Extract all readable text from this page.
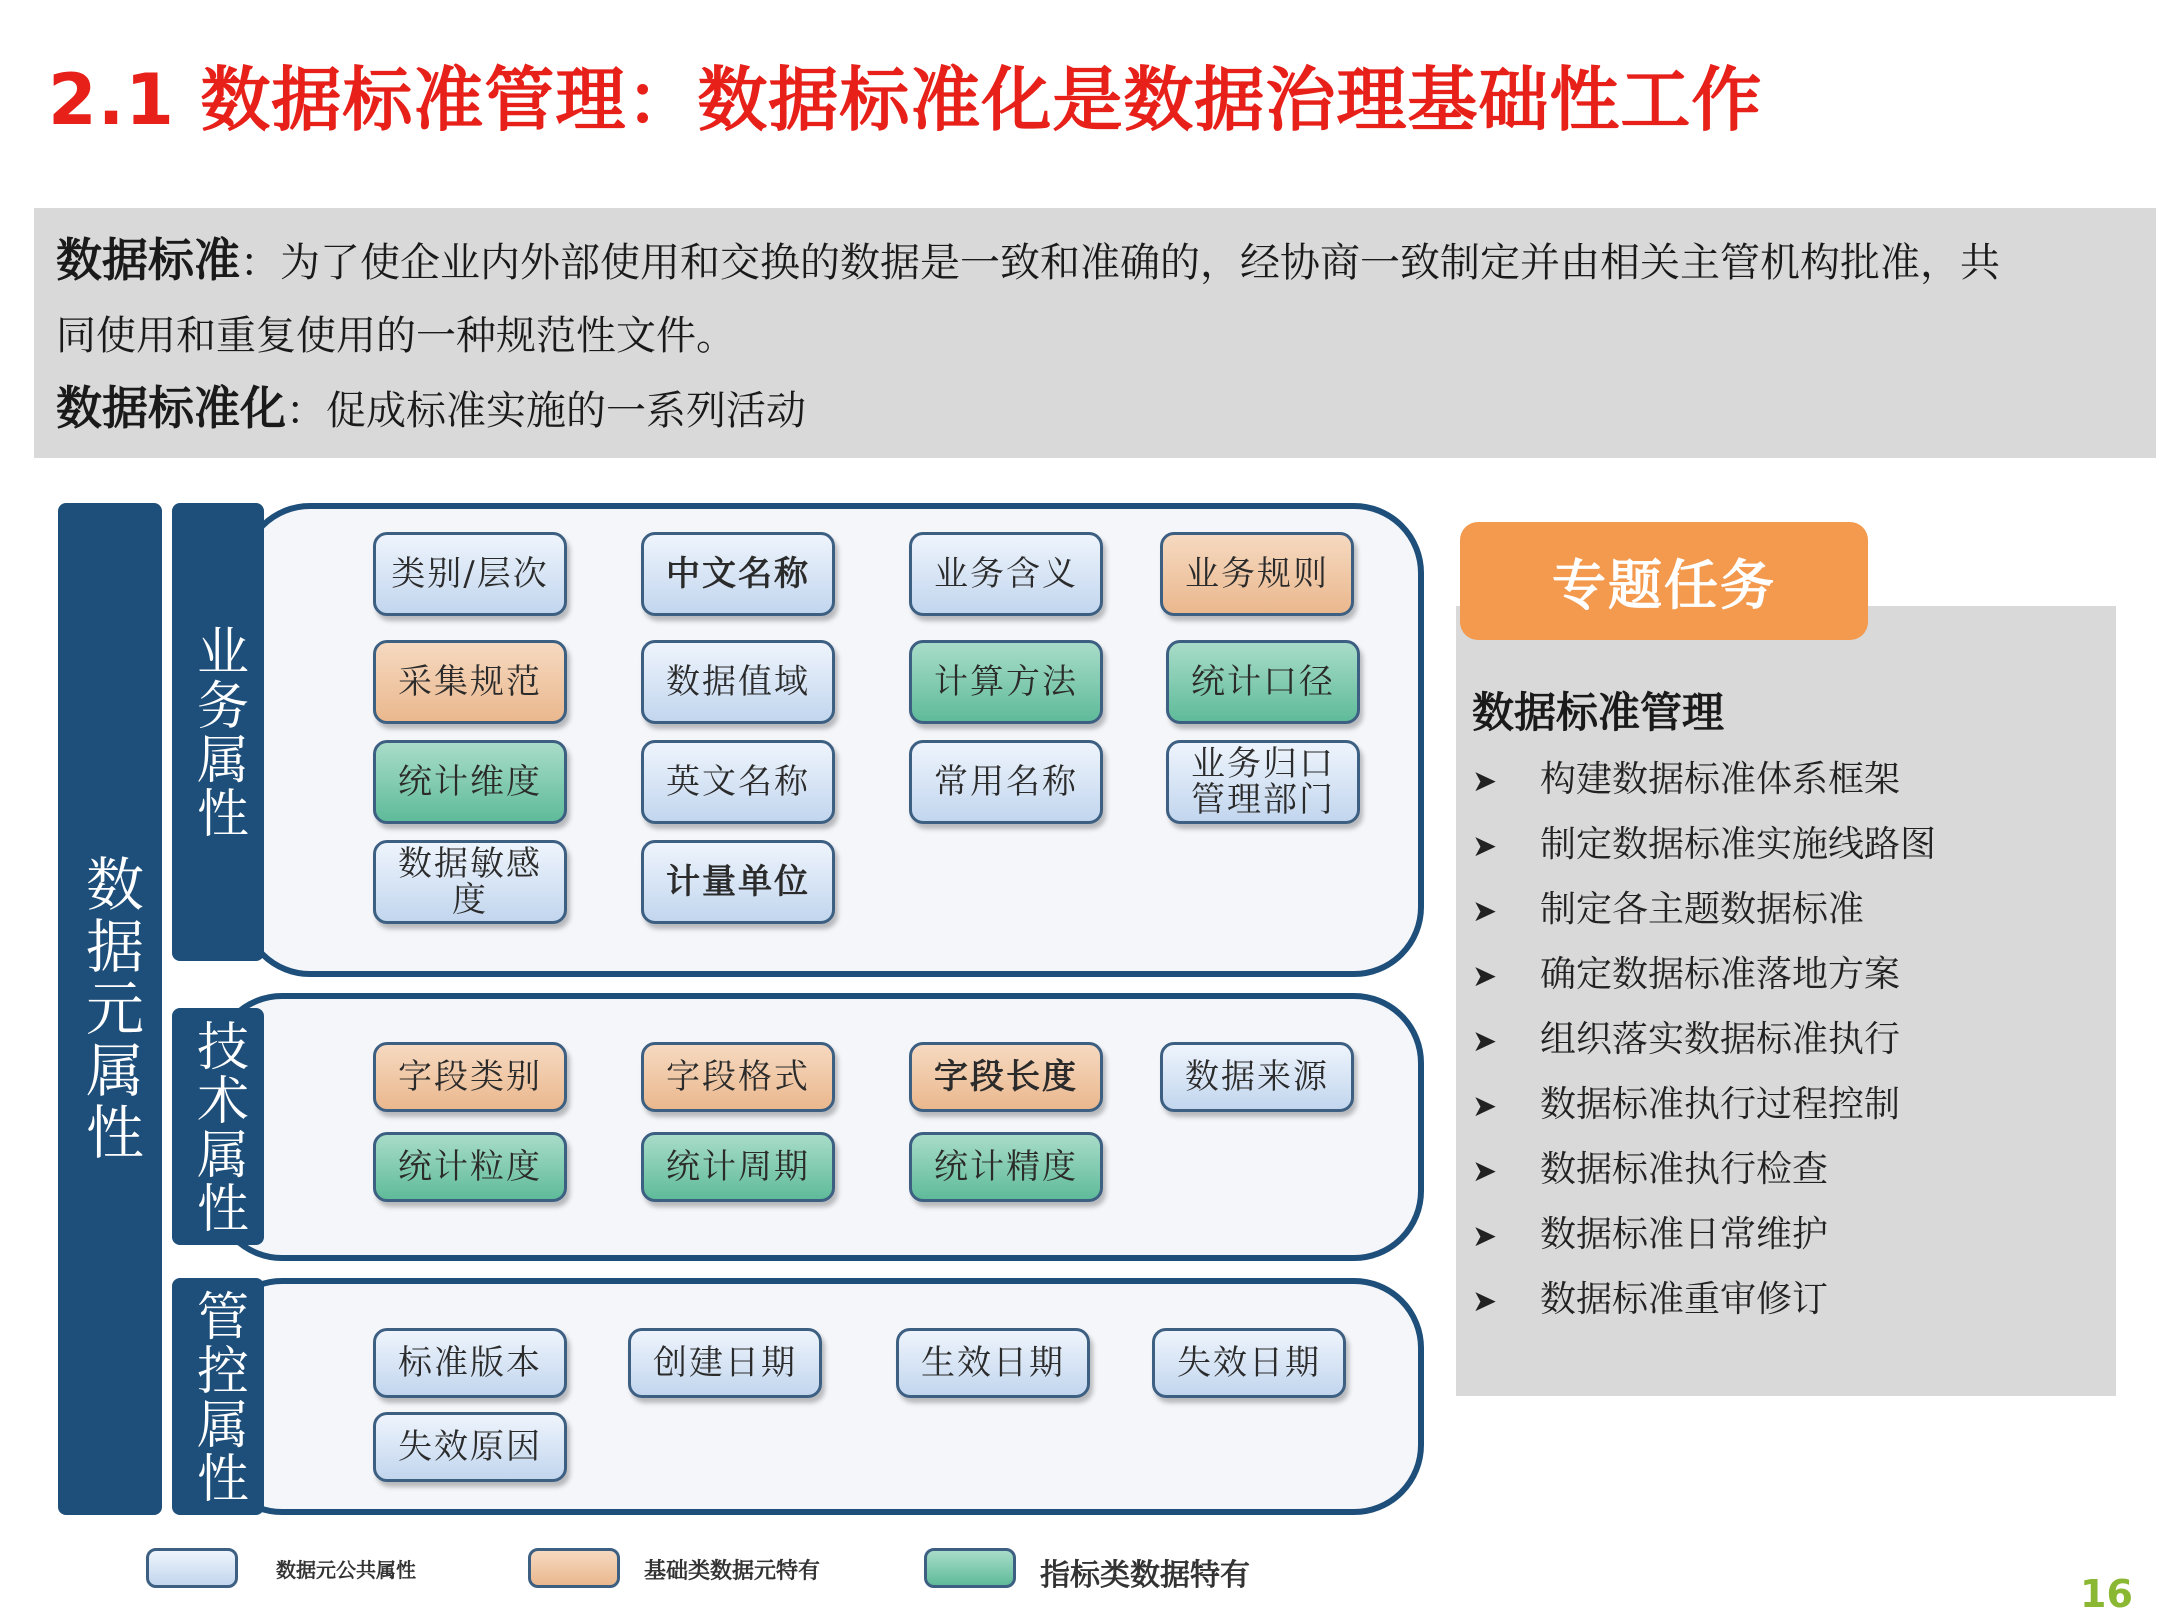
2.1 数据标准管理：数据标准化是数据治理基础性工作
数据标准：为了使企业内外部使用和交换的数据是一致和准确的，经协商一致制定并由相关主管机构批准，共
同使用和重复使用的一种规范性文件。
数据标准化：促成标准实施的一系列活动
数据元属性
业务属性
技术属性
管控属性
类别/层次	中文名称	业务含义	业务规则
采集规范	数据值域	计算方法	统计口径
统计维度	英文名称	常用名称	业务归口管理部门
数据敏感度	计量单位
字段类别	字段格式	字段长度	数据来源
统计粒度	统计周期	统计精度
标准版本	创建日期	生效日期	失效日期
失效原因
专题任务
数据标准管理
➤ 构建数据标准体系框架
➤ 制定数据标准实施线路图
➤ 制定各主题数据标准
➤ 确定数据标准落地方案
➤ 组织落实数据标准执行
➤ 数据标准执行过程控制
➤ 数据标准执行检查
➤ 数据标准日常维护
➤ 数据标准重审修订
数据元公共属性	基础类数据元特有	指标类数据特有	16
